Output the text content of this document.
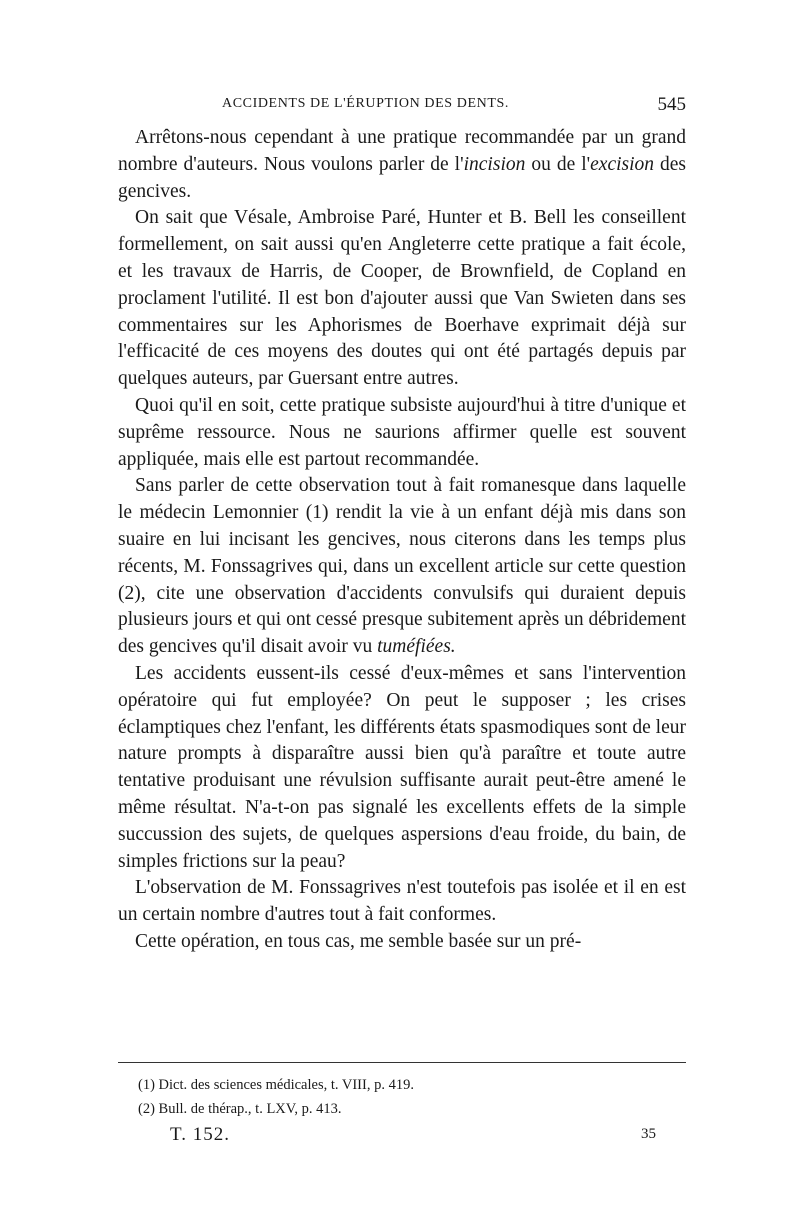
ACCIDENTS DE L'ÉRUPTION DES DENTS.	545

Arrêtons-nous cependant à une pratique recommandée par un grand nombre d'auteurs. Nous voulons parler de l'incision ou de l'excision des gencives.

On sait que Vésale, Ambroise Paré, Hunter et B. Bell les conseillent formellement, on sait aussi qu'en Angleterre cette pratique a fait école, et les travaux de Harris, de Cooper, de Brownfield, de Copland en proclament l'utilité. Il est bon d'ajouter aussi que Van Swieten dans ses commentaires sur les Aphorismes de Boerhave exprimait déjà sur l'efficacité de ces moyens des doutes qui ont été partagés depuis par quelques auteurs, par Guersant entre autres.

Quoi qu'il en soit, cette pratique subsiste aujourd'hui à titre d'unique et suprême ressource. Nous ne saurions affirmer quelle est souvent appliquée, mais elle est partout recommandée.

Sans parler de cette observation tout à fait romanesque dans laquelle le médecin Lemonnier (1) rendit la vie à un enfant déjà mis dans son suaire en lui incisant les gencives, nous citerons dans les temps plus récents, M. Fonssagrives qui, dans un excellent article sur cette question (2), cite une observation d'accidents convulsifs qui duraient depuis plusieurs jours et qui ont cessé presque subitement après un débridement des gencives qu'il disait avoir vu tuméfiées.

Les accidents eussent-ils cessé d'eux-mêmes et sans l'intervention opératoire qui fut employée? On peut le supposer ; les crises éclamptiques chez l'enfant, les différents états spasmodiques sont de leur nature prompts à disparaître aussi bien qu'à paraître et toute autre tentative produisant une révulsion suffisante aurait peut-être amené le même résultat. N'a-t-on pas signalé les excellents effets de la simple succussion des sujets, de quelques aspersions d'eau froide, du bain, de simples frictions sur la peau?

L'observation de M. Fonssagrives n'est toutefois pas isolée et il en est un certain nombre d'autres tout à fait conformes.

Cette opération, en tous cas, me semble basée sur un pré-

(1) Dict. des sciences médicales, t. VIII, p. 419.

(2) Bull. de thérap., t. LXV, p. 413.

T. 152.	35
